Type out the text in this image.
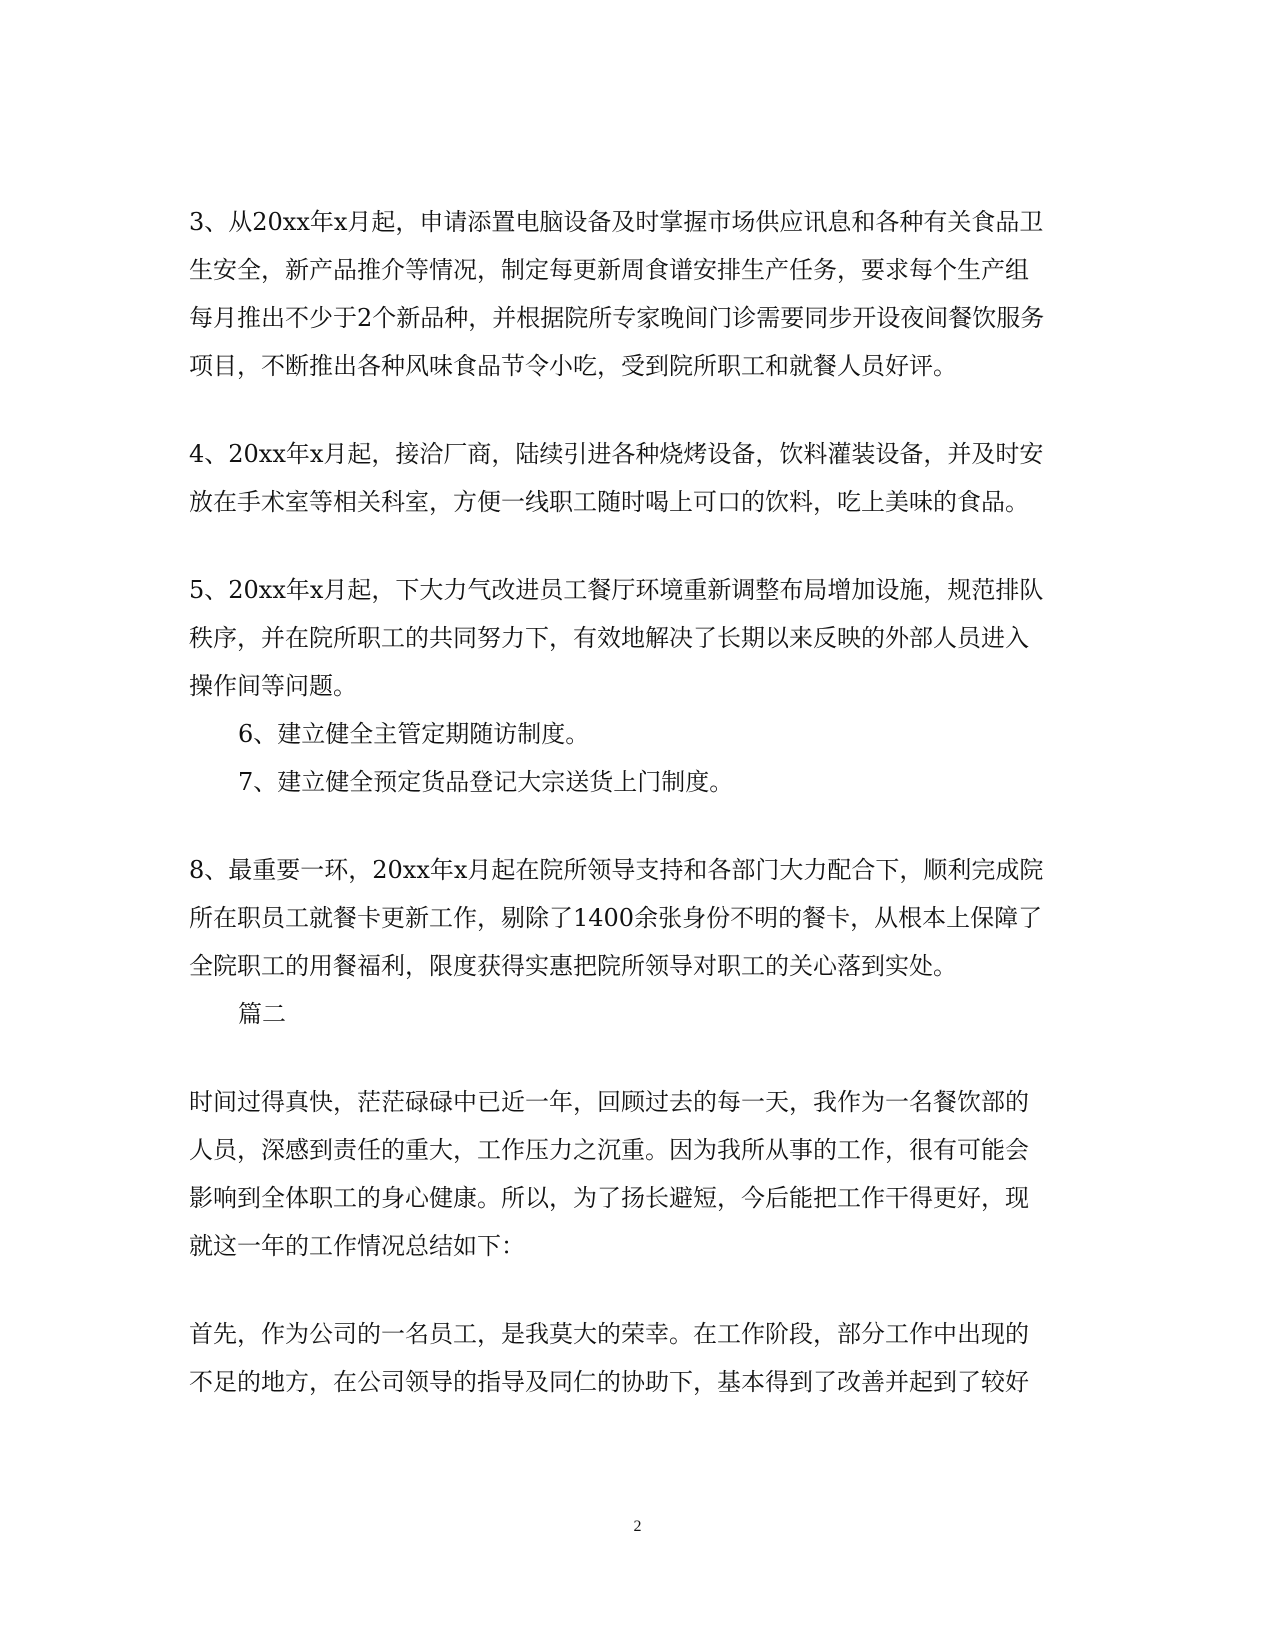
3、从20xx年x月起，申请添置电脑设备及时掌握市场供应讯息和各种有关食品卫

生安全，新产品推介等情况，制定每更新周食谱安排生产任务，要求每个生产组

每月推出不少于2个新品种，并根据院所专家晚间门诊需要同步开设夜间餐饮服务

项目，不断推出各种风味食品节令小吃，受到院所职工和就餐人员好评。

4、20xx年x月起，接洽厂商，陆续引进各种烧烤设备，饮料灌装设备，并及时安

放在手术室等相关科室，方便一线职工随时喝上可口的饮料，吃上美味的食品。

5、20xx年x月起，下大力气改进员工餐厅环境重新调整布局增加设施，规范排队

秩序，并在院所职工的共同努力下，有效地解决了长期以来反映的外部人员进入

操作间等问题。

6、建立健全主管定期随访制度。

7、建立健全预定货品登记大宗送货上门制度。

8、最重要一环，20xx年x月起在院所领导支持和各部门大力配合下，顺利完成院

所在职员工就餐卡更新工作，剔除了1400余张身份不明的餐卡，从根本上保障了

全院职工的用餐福利，限度获得实惠把院所领导对职工的关心落到实处。

篇二

时间过得真快，茫茫碌碌中已近一年，回顾过去的每一天，我作为一名餐饮部的

人员，深感到责任的重大，工作压力之沉重。因为我所从事的工作，很有可能会

影响到全体职工的身心健康。所以，为了扬长避短，今后能把工作干得更好，现

就这一年的工作情况总结如下：

首先，作为公司的一名员工，是我莫大的荣幸。在工作阶段，部分工作中出现的

不足的地方，在公司领导的指导及同仁的协助下，基本得到了改善并起到了较好

2
